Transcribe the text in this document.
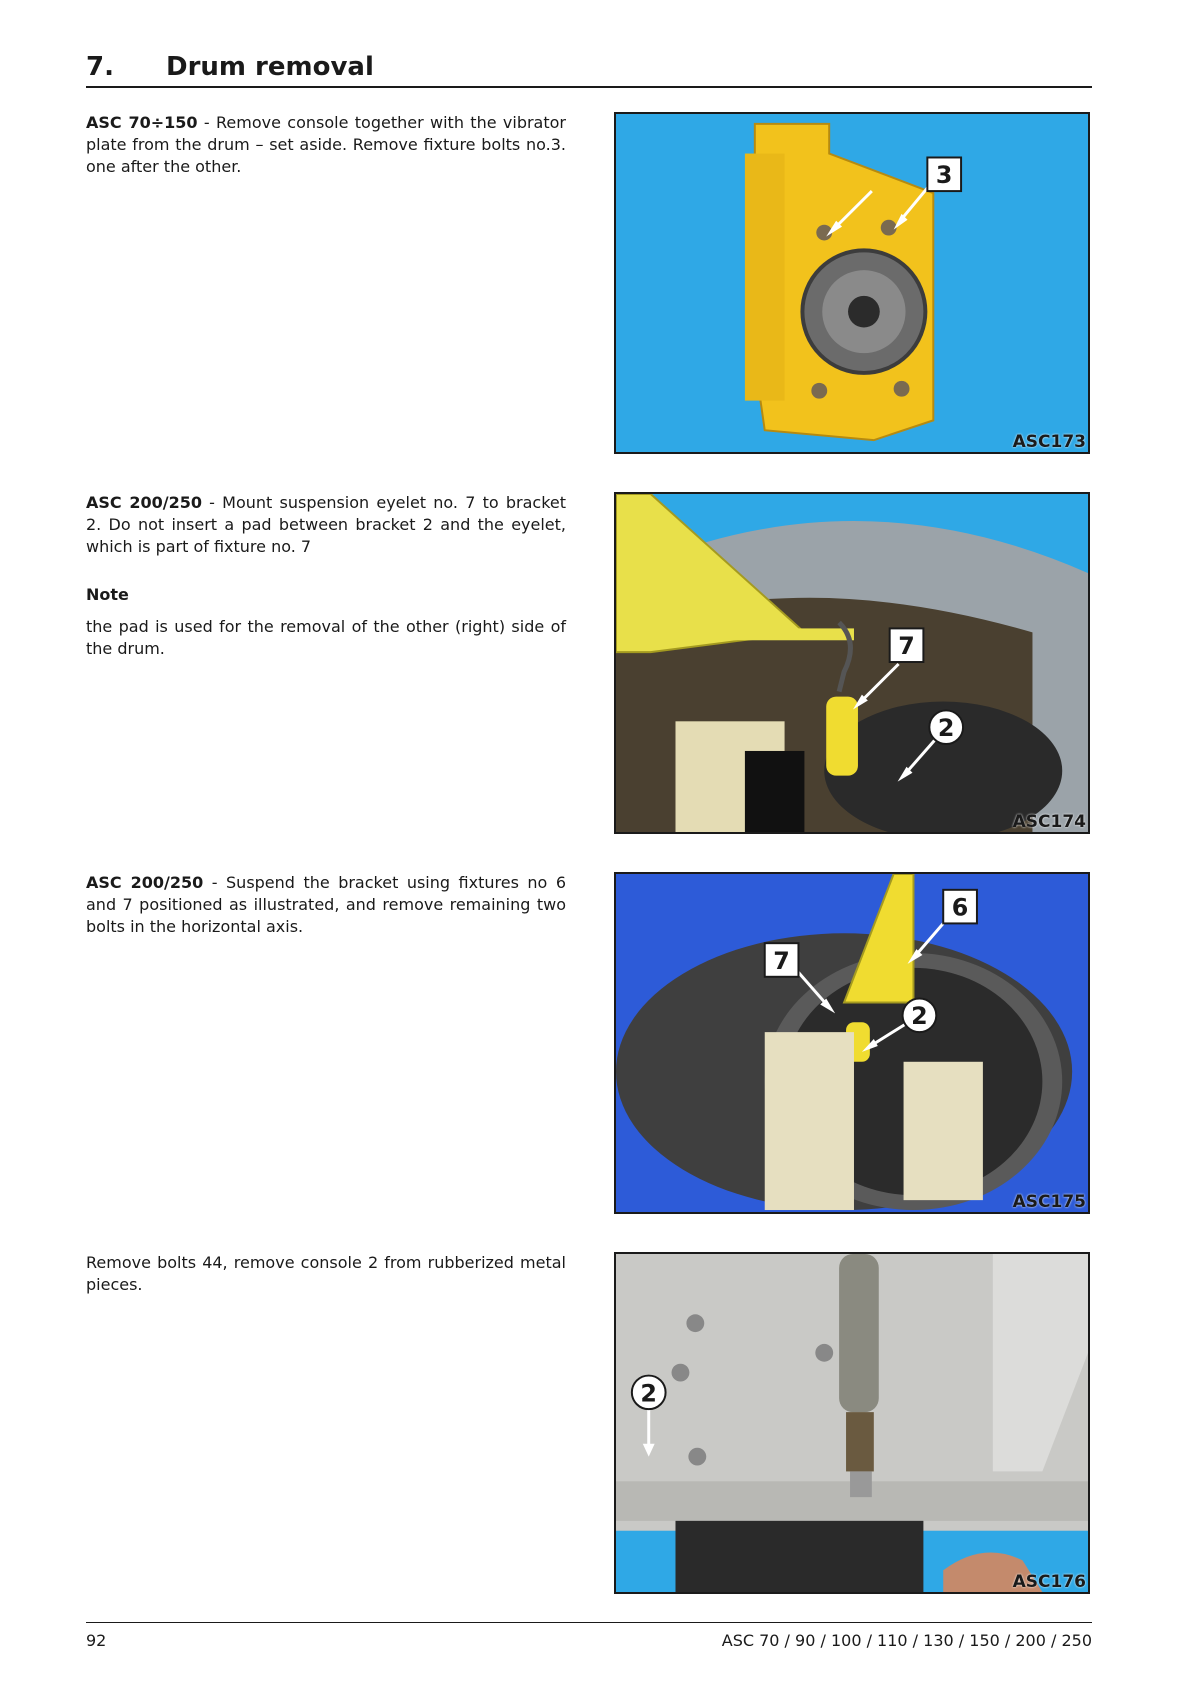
7. Drum removal

ASC 70÷150 - Remove console together with the vibrator plate from the drum – set aside. Remove fixture bolts no.3. one after the other.	3
ASC173

ASC 200/250 - Mount suspension eyelet no. 7 to bracket 2. Do not insert a pad between bracket 2 and the eyelet, which is part of fixture no. 7

Note

the pad is used for the removal of the other (right) side of the drum.	7
2
ASC174

ASC 200/250 - Suspend the bracket using fixtures no 6 and 7 positioned as illustrated, and remove remaining two bolts in the horizontal axis.

6
7
2
ASC175

Remove bolts 44, remove console 2 from rubberized metal pieces.

2
ASC176
92	ASC 70 / 90 / 100 / 110 / 130 / 150 / 200 / 250
